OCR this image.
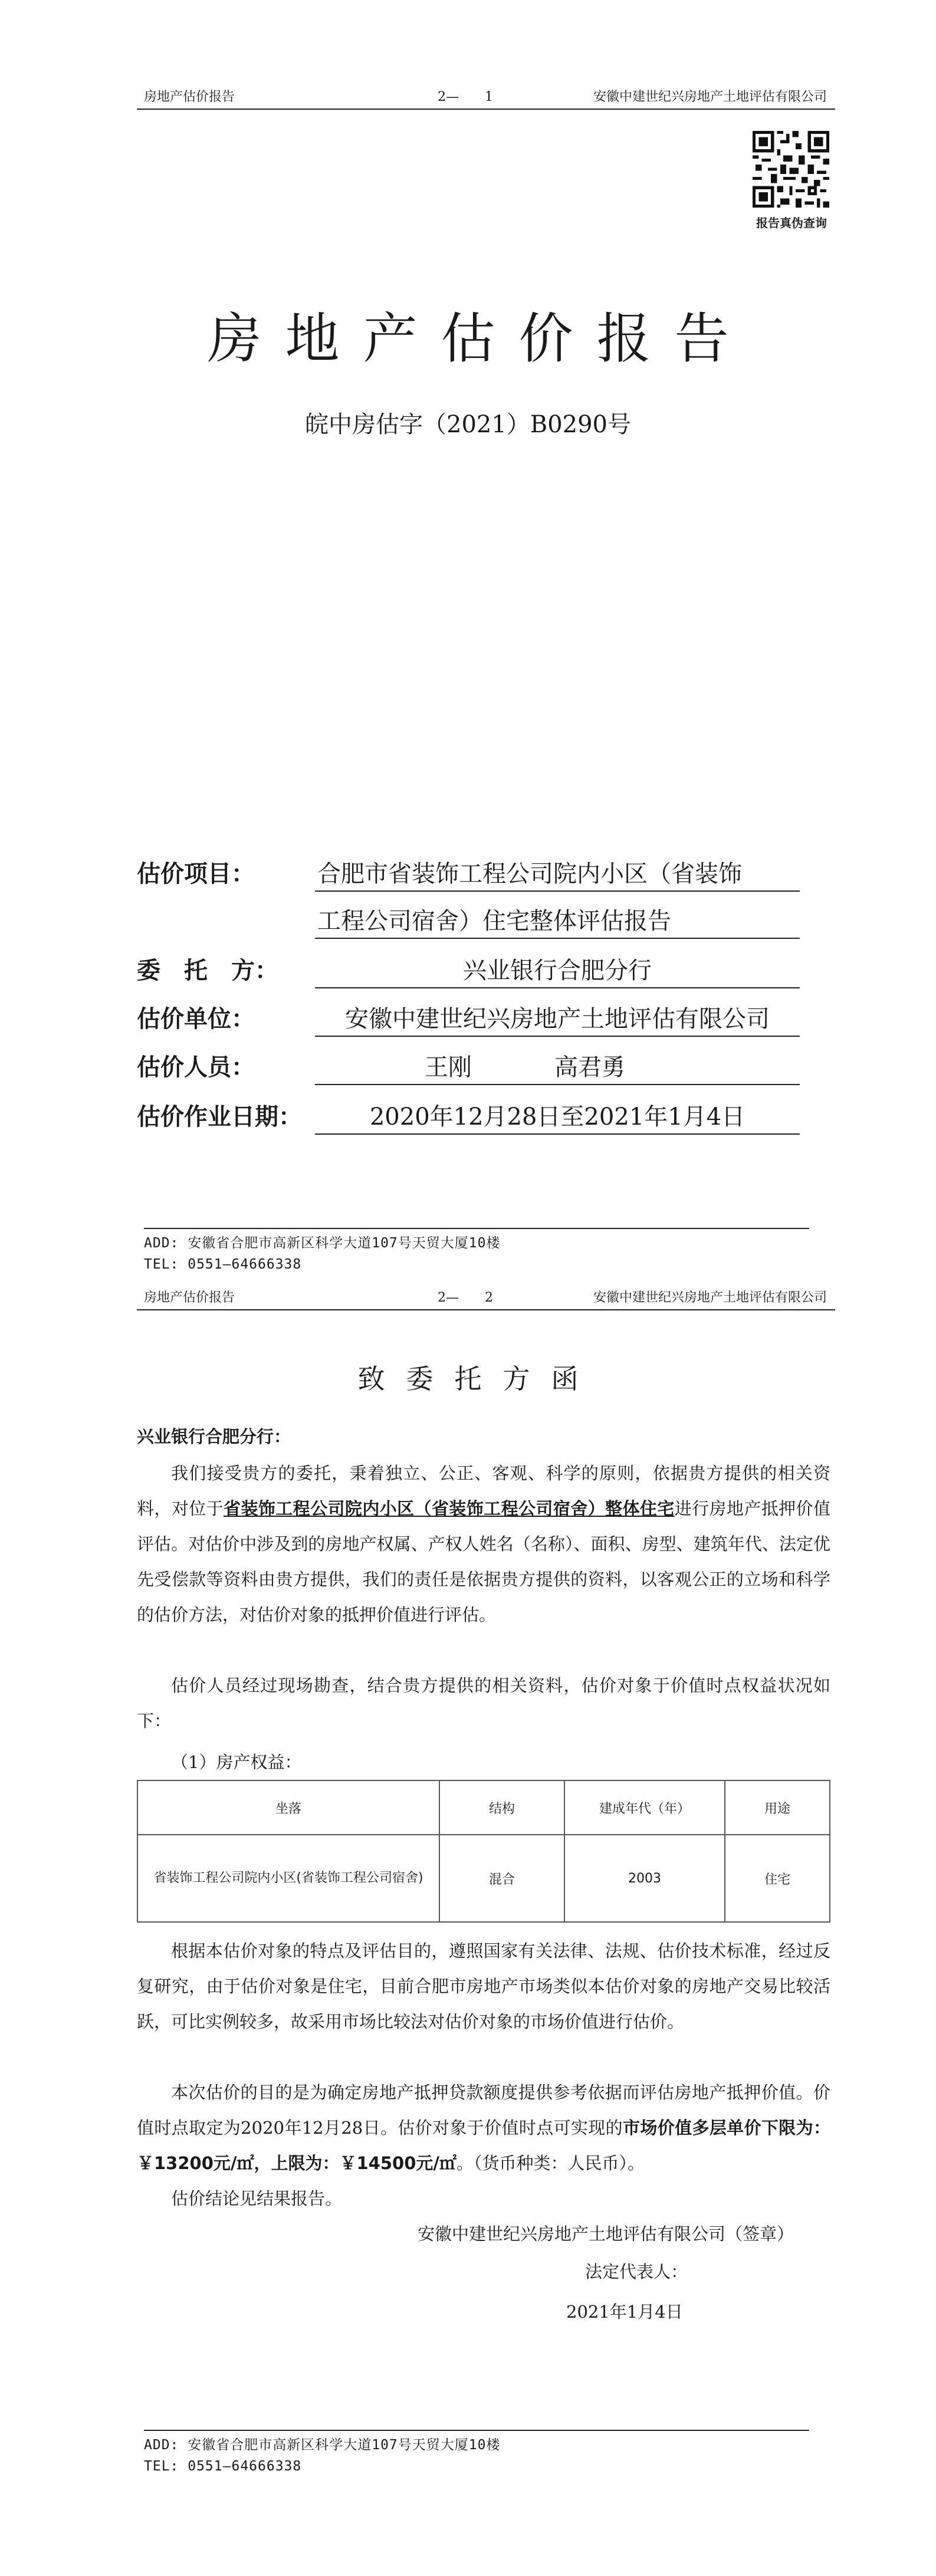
房地产估价报告	2—　　1	安徽中建世纪兴房地产土地评估有限公司
报告真伪查询
房地产估价报告
皖中房估字（2021）B0290号
估价项目：	合肥市省装饰工程公司院内小区（省装饰
工程公司宿舍）住宅整体评估报告
委　托　方：	兴业银行合肥分行
估价单位：	安徽中建世纪兴房地产土地评估有限公司
估价人员：	王刚	高君勇
估价作业日期：	2020年12月28日至2021年1月4日
ADD: 安徽省合肥市高新区科学大道107号天贸大厦10楼
TEL: 0551—64666338
房地产估价报告	2—　　2	安徽中建世纪兴房地产土地评估有限公司
致委托方函
兴业银行合肥分行：
我们接受贵方的委托，秉着独立、公正、客观、科学的原则，依据贵方提供的相关资料，对位于省装饰工程公司院内小区（省装饰工程公司宿舍）整体住宅进行房地产抵押价值评估。对估价中涉及到的房地产权属、产权人姓名（名称）、面积、房型、建筑年代、法定优先受偿款等资料由贵方提供，我们的责任是依据贵方提供的资料，以客观公正的立场和科学的估价方法，对估价对象的抵押价值进行评估。
估价人员经过现场勘查，结合贵方提供的相关资料，估价对象于价值时点权益状况如下：
（1）房产权益：
坐落	结构	建成年代（年）	用途
省装饰工程公司院内小区(省装饰工程公司宿舍)	混合	2003	住宅
根据本估价对象的特点及评估目的，遵照国家有关法律、法规、估价技术标准，经过反复研究，由于估价对象是住宅，目前合肥市房地产市场类似本估价对象的房地产交易比较活跃，可比实例较多，故采用市场比较法对估价对象的市场价值进行估价。
本次估价的目的是为确定房地产抵押贷款额度提供参考依据而评估房地产抵押价值。价值时点取定为2020年12月28日。估价对象于价值时点可实现的市场价值多层单价下限为：￥13200元/㎡，上限为：￥14500元/㎡。（货币种类：人民币）。
估价结论见结果报告。
安徽中建世纪兴房地产土地评估有限公司（签章）
法定代表人：
2021年1月4日
ADD: 安徽省合肥市高新区科学大道107号天贸大厦10楼
TEL: 0551—64666338
